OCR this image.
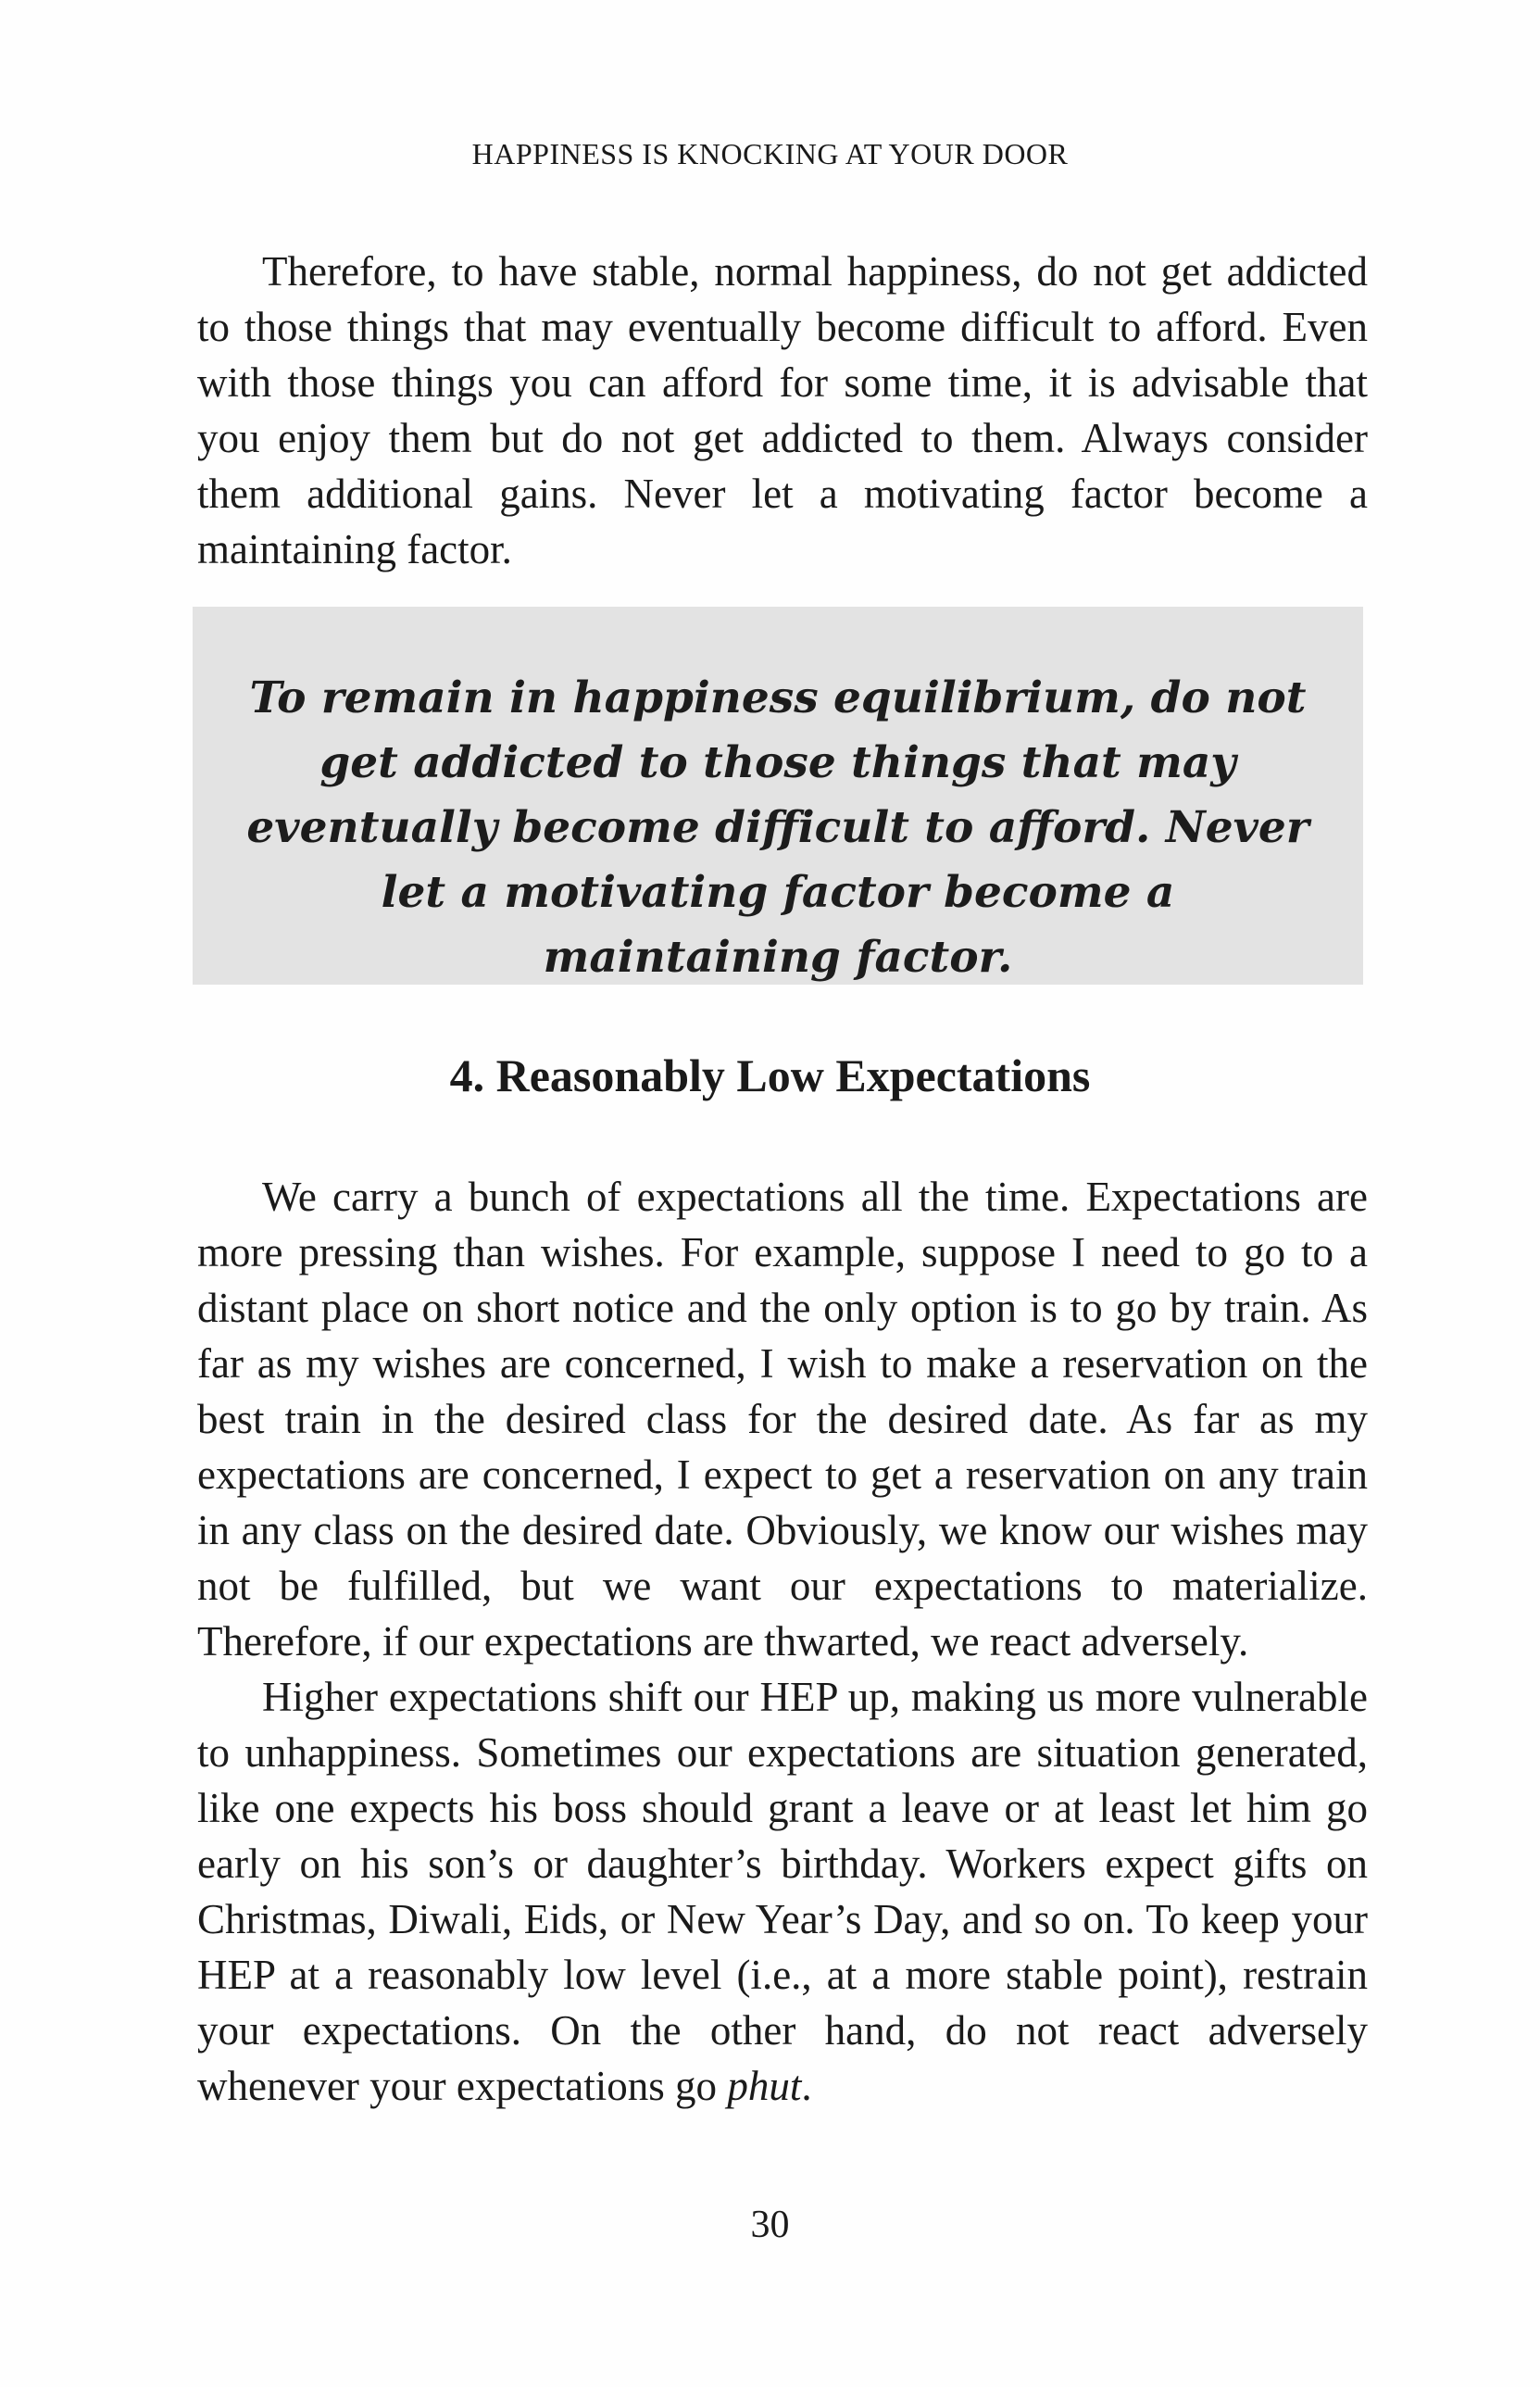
HAPPINESS IS KNOCKING AT YOUR DOOR

Therefore, to have stable, normal happiness, do not get addicted to those things that may eventually become difficult to afford. Even with those things you can afford for some time, it is advisable that you enjoy them but do not get addicted to them. Always consider them additional gains. Never let a motivating factor become a maintaining factor.

To remain in happiness equilibrium, do not get addicted to those things that may eventually become difficult to afford. Never let a motivating factor become a maintaining factor.
4. Reasonably Low Expectations

We carry a bunch of expectations all the time. Expectations are more pressing than wishes. For example, suppose I need to go to a distant place on short notice and the only option is to go by train. As far as my wishes are concerned, I wish to make a reservation on the best train in the desired class for the desired date. As far as my expectations are concerned, I expect to get a reservation on any train in any class on the desired date. Obviously, we know our wishes may not be fulfilled, but we want our expectations to materialize. Therefore, if our expectations are thwarted, we react adversely.

Higher expectations shift our HEP up, making us more vulnerable to unhappiness. Sometimes our expectations are situation generated, like one expects his boss should grant a leave or at least let him go early on his son’s or daughter’s birthday. Workers expect gifts on Christmas, Diwali, Eids, or New Year’s Day, and so on. To keep your HEP at a reasonably low level (i.e., at a more stable point), restrain your expectations. On the other hand, do not react adversely whenever your expectations go phut.

30
